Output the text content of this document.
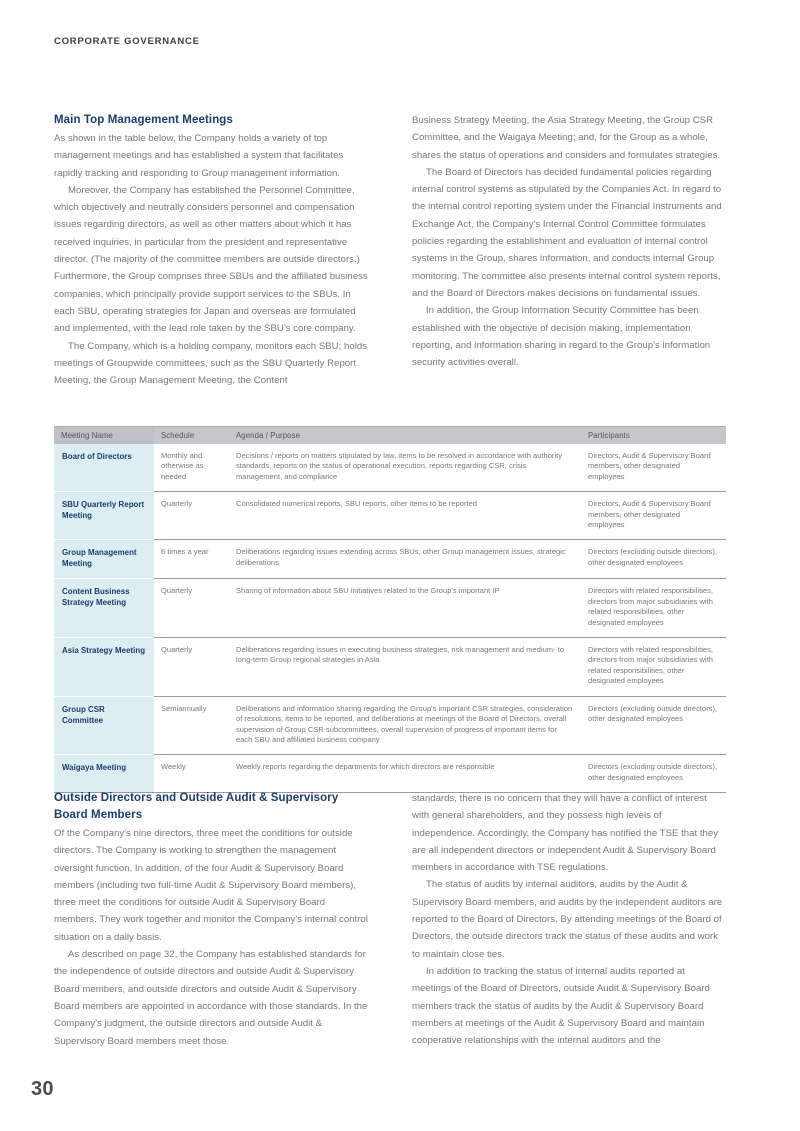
CORPORATE GOVERNANCE
Main Top Management Meetings

As shown in the table below, the Company holds a variety of top management meetings and has established a system that facilitates rapidly tracking and responding to Group management information.

Moreover, the Company has established the Personnel Committee, which objectively and neutrally considers personnel and compensation issues regarding directors, as well as other matters about which it has received inquiries, in particular from the president and representative director. (The majority of the committee members are outside directors.) Furthermore, the Group comprises three SBUs and the affiliated business companies, which principally provide support services to the SBUs. In each SBU, operating strategies for Japan and overseas are formulated and implemented, with the lead role taken by the SBU's core company.

The Company, which is a holding company, monitors each SBU; holds meetings of Groupwide committees, such as the SBU Quarterly Report Meeting, the Group Management Meeting, the Content

Business Strategy Meeting, the Asia Strategy Meeting, the Group CSR Committee, and the Waigaya Meeting; and, for the Group as a whole, shares the status of operations and considers and formulates strategies.

The Board of Directors has decided fundamental policies regarding internal control systems as stipulated by the Companies Act. In regard to the internal control reporting system under the Financial Instruments and Exchange Act, the Company's Internal Control Committee formulates policies regarding the establishment and evaluation of internal control systems in the Group, shares information, and conducts internal Group monitoring. The committee also presents internal control system reports, and the Board of Directors makes decisions on fundamental issues.

In addition, the Group Information Security Committee has been established with the objective of decision making, implementation reporting, and information sharing in regard to the Group's information security activities overall.

Meeting Name	Schedule	Agenda / Purpose	Participants
Board of Directors	Monthly and otherwise as needed	Decisions / reports on matters stipulated by law, items to be resolved in accordance with authority standards, reports on the status of operational execution, reports regarding CSR, crisis management, and compliance	Directors, Audit & Supervisory Board members, other designated employees
SBU Quarterly Report Meeting	Quarterly	Consolidated numerical reports, SBU reports, other items to be reported	Directors, Audit & Supervisory Board members, other designated employees
Group Management Meeting	6 times a year	Deliberations regarding issues extending across SBUs, other Group management issues, strategic deliberations	Directors (excluding outside directors), other designated employees
Content Business Strategy Meeting	Quarterly	Sharing of information about SBU initiatives related to the Group's important IP	Directors with related responsibilities, directors from major subsidiaries with related responsibilities, other designated employees
Asia Strategy Meeting	Quarterly	Deliberations regarding issues in executing business strategies, risk management and medium- to long-term Group regional strategies in Asia	Directors with related responsibilities, directors from major subsidiaries with related responsibilities, other designated employees
Group CSR Committee	Semiannually	Deliberations and information sharing regarding the Group's important CSR strategies, consideration of resolutions, items to be reported, and deliberations at meetings of the Board of Directors, overall supervision of Group CSR subcommittees, overall supervision of progress of important items for each SBU and affiliated business company	Directors (excluding outside directors), other designated employees
Waigaya Meeting	Weekly	Weekly reports regarding the departments for which directors are responsible	Directors (excluding outside directors), other designated employees
Outside Directors and Outside Audit & Supervisory Board Members

Of the Company's nine directors, three meet the conditions for outside directors. The Company is working to strengthen the management oversight function. In addition, of the four Audit & Supervisory Board members (including two full-time Audit & Supervisory Board members), three meet the conditions for outside Audit & Supervisory Board members. They work together and monitor the Company's internal control situation on a daily basis.

As described on page 32, the Company has established standards for the independence of outside directors and outside Audit & Supervisory Board members, and outside directors and outside Audit & Supervisory Board members are appointed in accordance with those standards. In the Company's judgment, the outside directors and outside Audit & Supervisory Board members meet those

standards, there is no concern that they will have a conflict of interest with general shareholders, and they possess high levels of independence. Accordingly, the Company has notified the TSE that they are all independent directors or independent Audit & Supervisory Board members in accordance with TSE regulations.

The status of audits by internal auditors, audits by the Audit & Supervisory Board members, and audits by the independent auditors are reported to the Board of Directors. By attending meetings of the Board of Directors, the outside directors track the status of these audits and work to maintain close ties.

In addition to tracking the status of internal audits reported at meetings of the Board of Directors, outside Audit & Supervisory Board members track the status of audits by the Audit & Supervisory Board members at meetings of the Audit & Supervisory Board and maintain cooperative relationships with the internal auditors and the

30
